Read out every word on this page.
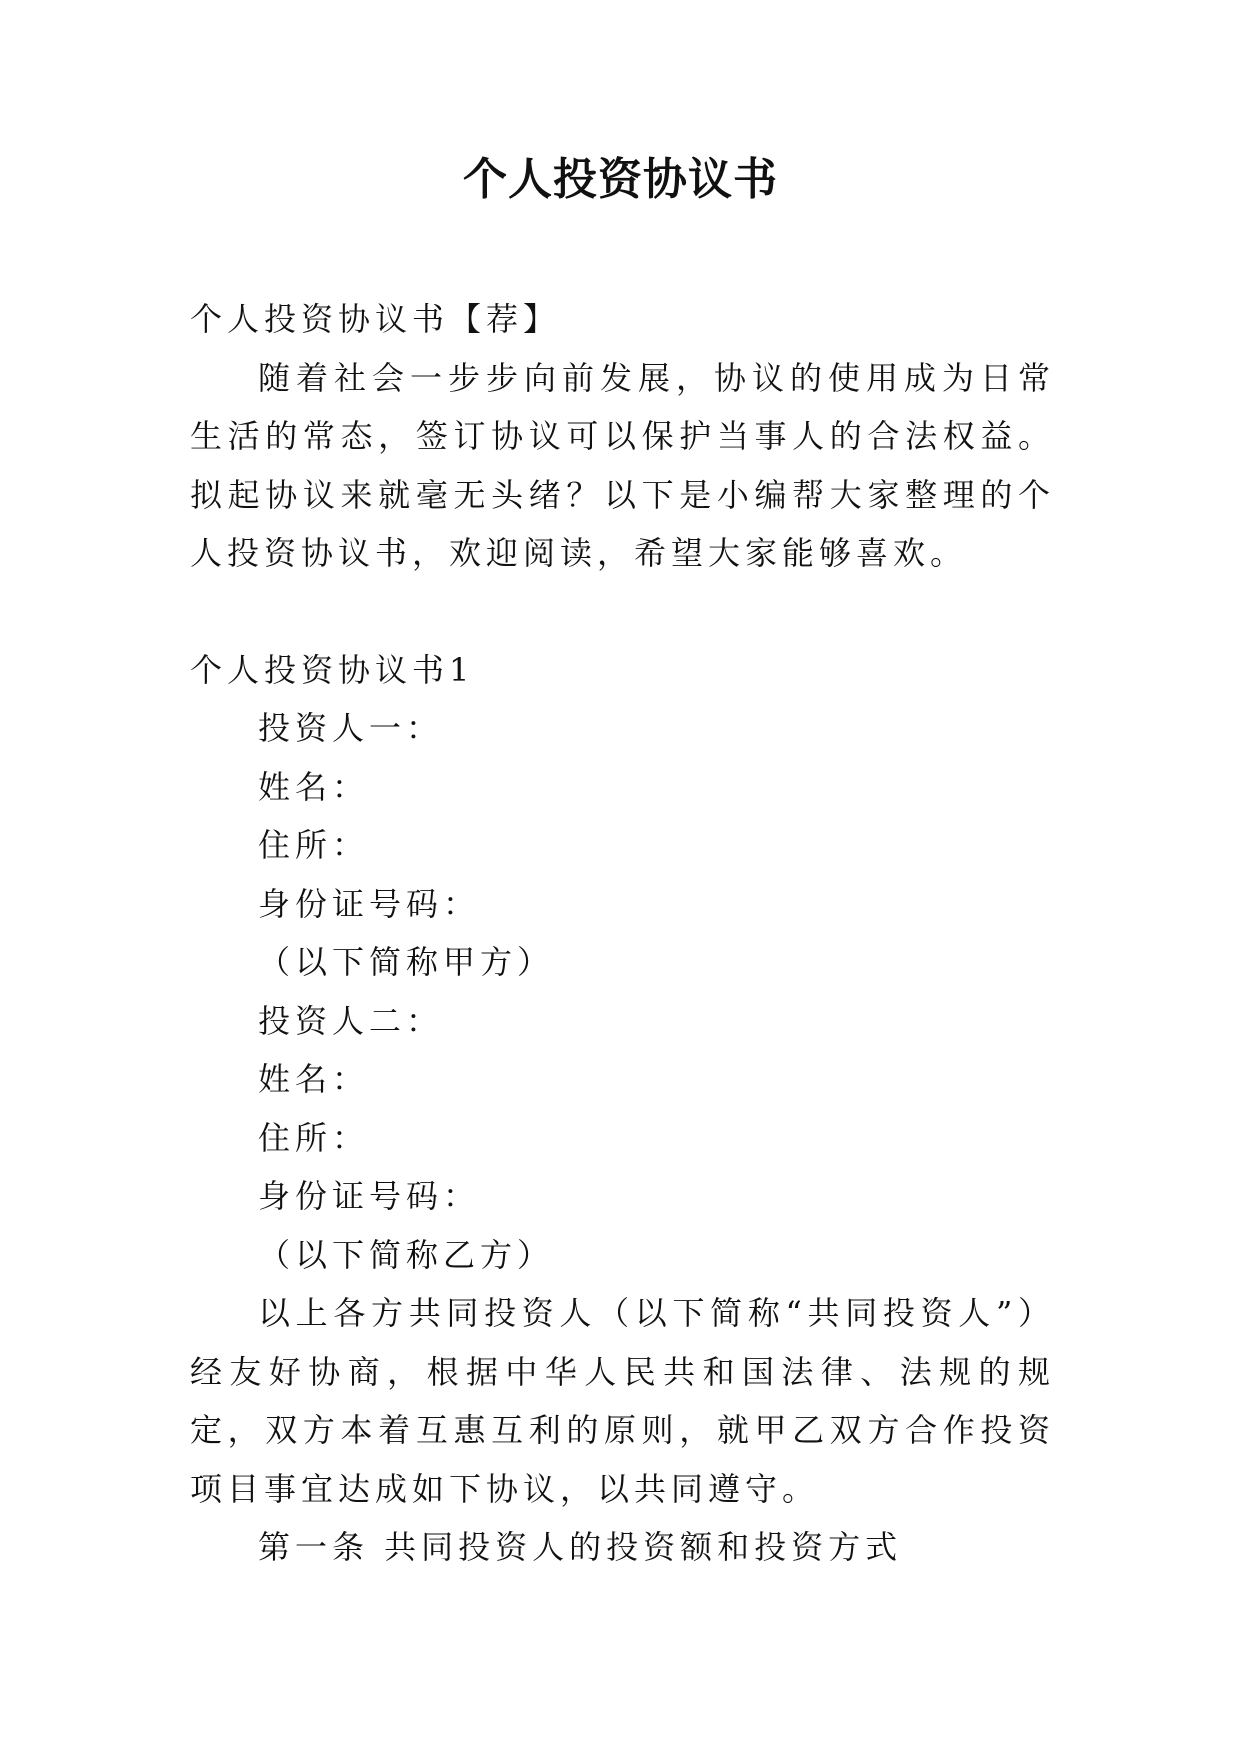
个人投资协议书

个人投资协议书【荐】

随着社会一步步向前发展，协议的使用成为日常生活的常态，签订协议可以保护当事人的合法权益。拟起协议来就毫无头绪？以下是小编帮大家整理的个人投资协议书，欢迎阅读，希望大家能够喜欢。

个人投资协议书1

投资人一：

姓名：

住所：

身份证号码：

（以下简称甲方）

投资人二：

姓名：

住所：

身份证号码：

（以下简称乙方）

以上各方共同投资人（以下简称“共同投资人”）经友好协商，根据中华人民共和国法律、法规的规定，双方本着互惠互利的原则，就甲乙双方合作投资项目事宜达成如下协议，以共同遵守。

第一条 共同投资人的投资额和投资方式
